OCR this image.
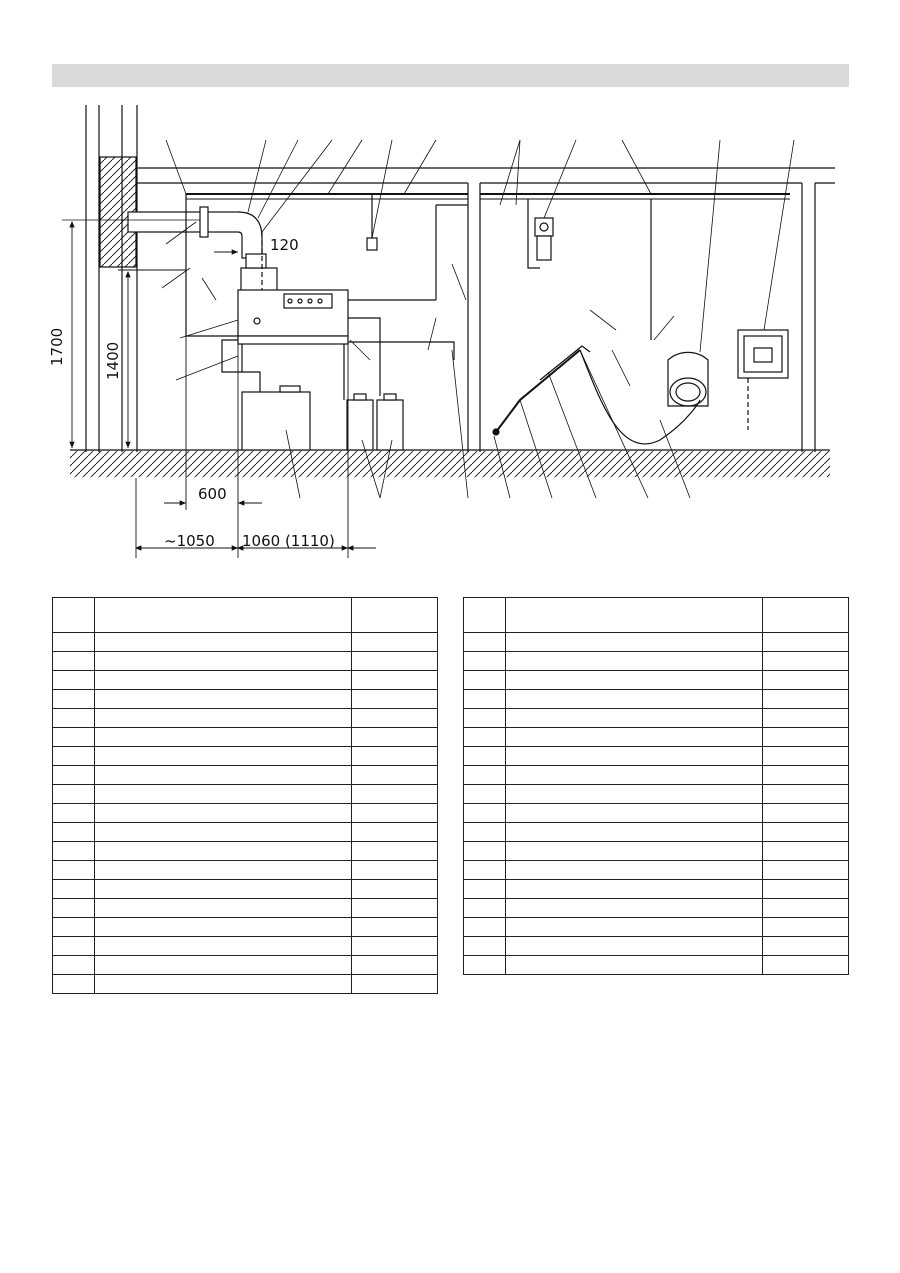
1700	1400
600
120
~1050 1060 (1110)
